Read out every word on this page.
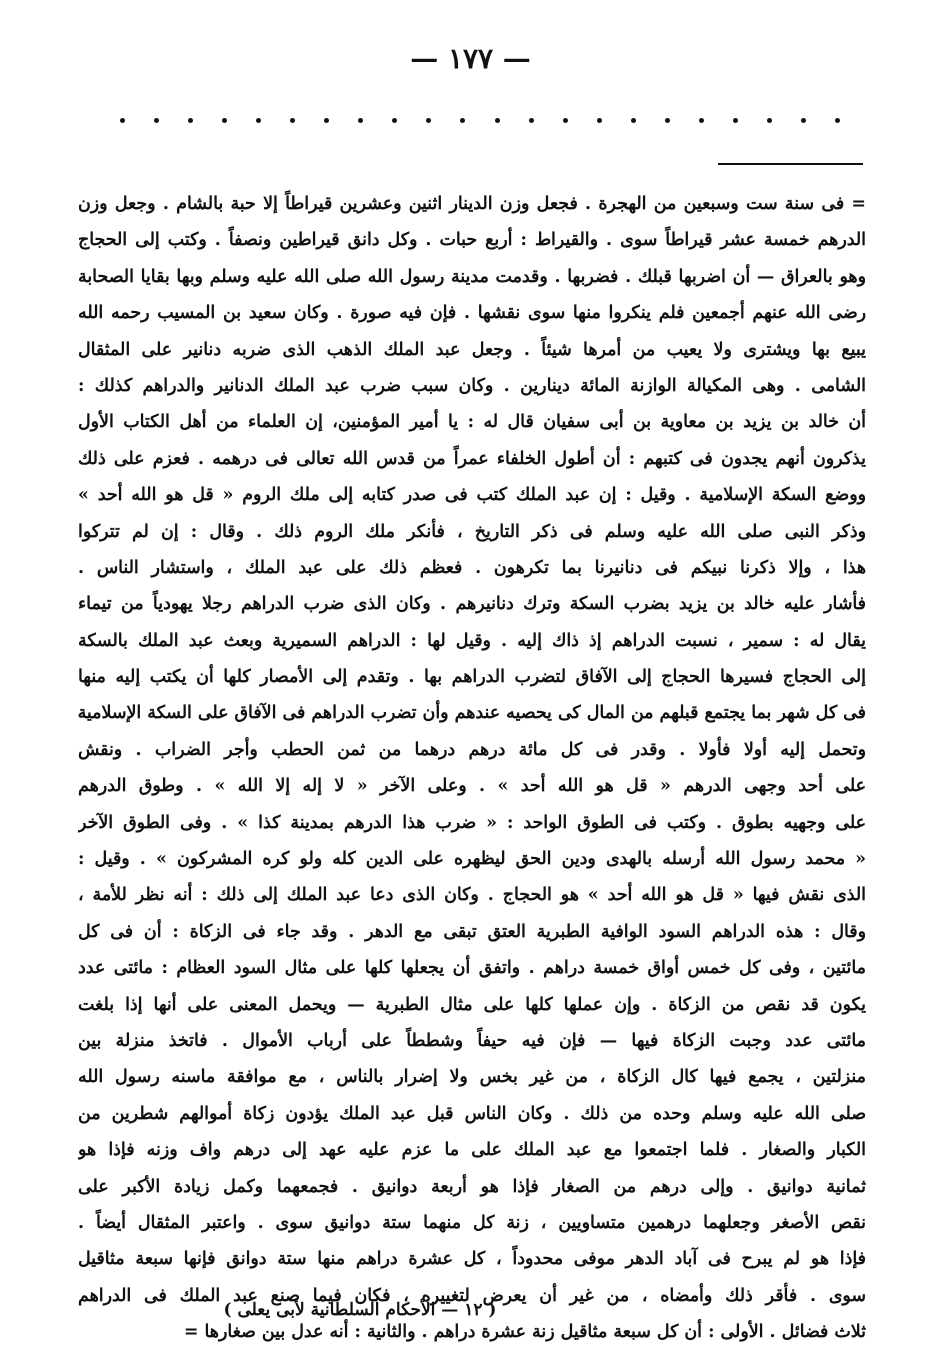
— ١٧٧ —
= فى سنة ست وسبعين من الهجرة . فجعل وزن الدينار اثنين وعشرين قيراطاً إلا حبة بالشام . وجعل وزن
الدرهم خمسة عشر قيراطاً سوى . والقيراط : أربع حبات . وكل دانق قيراطين ونصفاً . وكتب إلى الحجاج
وهو بالعراق — أن اضربها قبلك . فضربها . وقدمت مدينة رسول الله صلى الله عليه وسلم وبها بقايا الصحابة
رضى الله عنهم أجمعين فلم ينكروا منها سوى نقشها . فإن فيه صورة . وكان سعيد بن المسيب رحمه الله
يبيع بها ويشترى ولا يعيب من أمرها شيئاً . وجعل عبد الملك الذهب الذى ضربه دنانير على المثقال
الشامى . وهى المكيالة الوازنة المائة دينارين . وكان سبب ضرب عبد الملك الدنانير والدراهم كذلك :
أن خالد بن يزيد بن معاوية بن أبى سفيان قال له : يا أمير المؤمنين، إن العلماء من أهل الكتاب الأول
يذكرون أنهم يجدون فى كتبهم : أن أطول الخلفاء عمراً من قدس الله تعالى فى درهمه . فعزم على ذلك
ووضع السكة الإسلامية . وقيل : إن عبد الملك كتب فى صدر كتابه إلى ملك الروم « قل هو الله أحد »
وذكر النبى صلى الله عليه وسلم فى ذكر التاريخ ، فأنكر ملك الروم ذلك . وقال : إن لم تتركوا
هذا ، وإلا ذكرنا نبيكم فى دنانيرنا بما تكرهون . فعظم ذلك على عبد الملك ، واستشار الناس .
فأشار عليه خالد بن يزيد بضرب السكة وترك دنانيرهم . وكان الذى ضرب الدراهم رجلا يهودياً من تيماء
يقال له : سمير ، نسبت الدراهم إذ ذاك إليه . وقيل لها : الدراهم السميرية وبعث عبد الملك بالسكة
إلى الحجاج فسيرها الحجاج إلى الآفاق لتضرب الدراهم بها . وتقدم إلى الأمصار كلها أن يكتب إليه منها
فى كل شهر بما يجتمع قبلهم من المال كى يحصيه عندهم وأن تضرب الدراهم فى الآفاق على السكة الإسلامية
وتحمل إليه أولا فأولا . وقدر فى كل مائة درهم درهما من ثمن الحطب وأجر الضراب . ونقش
على أحد وجهى الدرهم « قل هو الله أحد » . وعلى الآخر « لا إله إلا الله » . وطوق الدرهم
على وجهيه بطوق . وكتب فى الطوق الواحد : « ضرب هذا الدرهم بمدينة كذا » . وفى الطوق الآخر
« محمد رسول الله أرسله بالهدى ودين الحق ليظهره على الدين كله ولو كره المشركون » . وقيل :
الذى نقش فيها « قل هو الله أحد » هو الحجاج . وكان الذى دعا عبد الملك إلى ذلك : أنه نظر للأمة ،
وقال : هذه الدراهم السود الوافية الطبرية العتق تبقى مع الدهر . وقد جاء فى الزكاة : أن فى كل
مائتين ، وفى كل خمس أواق خمسة دراهم . واتفق أن يجعلها كلها على مثال السود العظام : مائتى عدد
يكون قد نقص من الزكاة . وإن عملها كلها على مثال الطبرية — ويحمل المعنى على أنها إذا بلغت
مائتى عدد وجبت الزكاة فيها — فإن فيه حيفاً وشططاً على أرباب الأموال . فاتخذ منزلة بين
منزلتين ، يجمع فيها كال الزكاة ، من غير بخس ولا إضرار بالناس ، مع موافقة ماسنه رسول الله
صلى الله عليه وسلم وحده من ذلك . وكان الناس قبل عبد الملك يؤدون زكاة أموالهم شطرين من
الكبار والصغار . فلما اجتمعوا مع عبد الملك على ما عزم عليه عهد إلى درهم واف وزنه فإذا هو
ثمانية دوانيق . وإلى درهم من الصغار فإذا هو أربعة دوانيق . فجمعهما وكمل زيادة الأكبر على
نقص الأصغر وجعلهما درهمين متساويين ، زنة كل منهما ستة دوانيق سوى . واعتبر المثقال أيضاً .
فإذا هو لم يبرح فى آباد الدهر موفى محدوداً ، كل عشرة دراهم منها ستة دوانق فإنها سبعة مثاقيل
سوى . فأقر ذلك وأمضاه ، من غير أن يعرض لتغييره ، فكان فيما صنع عبد الملك فى الدراهم
ثلاث فضائل . الأولى : أن كل سبعة مثاقيل زنة عشرة دراهم . والثانية : أنه عدل بين صغارها =
( ١٢ — الأحكام السلطانية لأبى يعلى )
